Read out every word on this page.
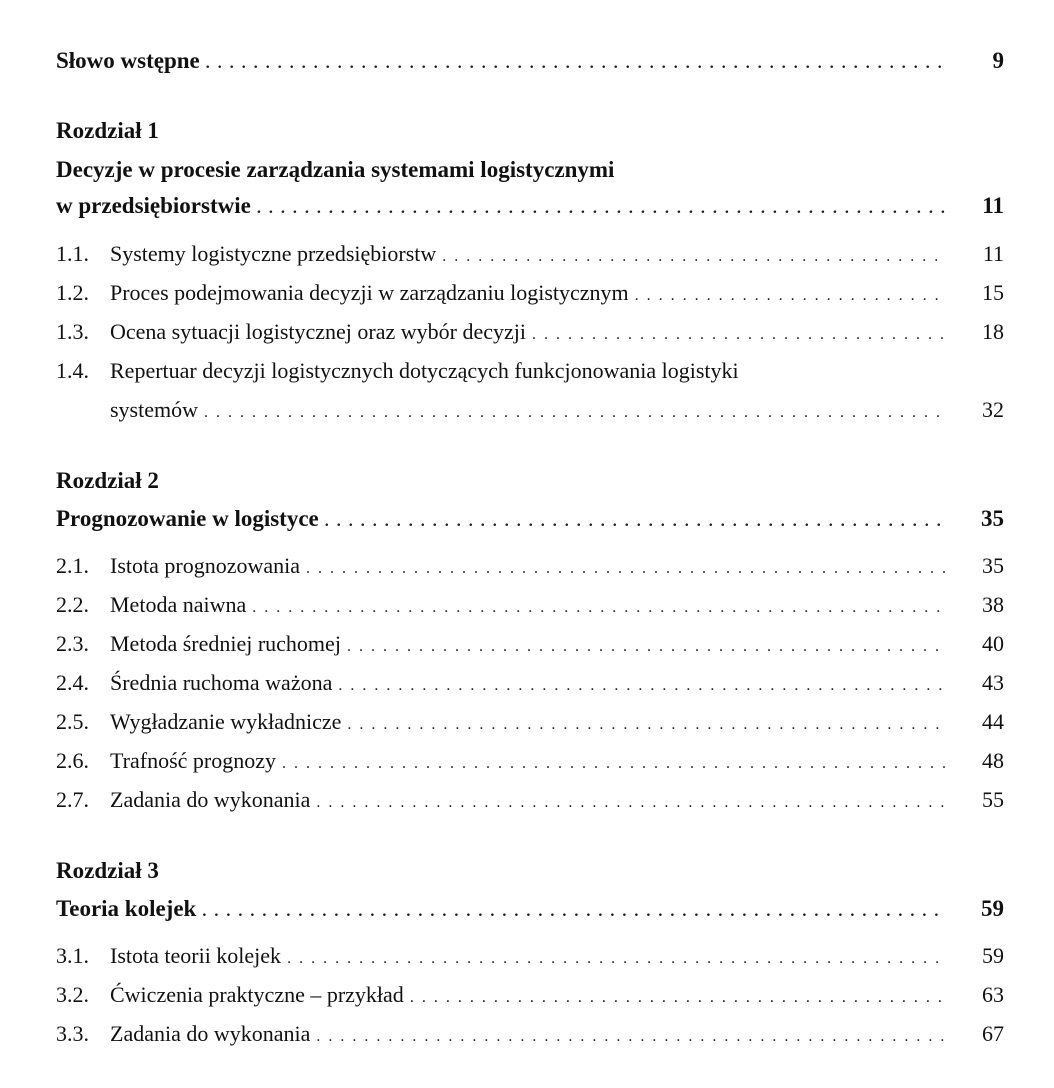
Słowo wstępne . . .	9
Rozdział 1
Decyzje w procesie zarządzania systemami logistycznymi
w przedsiębiorstwie . . .	11
1.1. Systemy logistyczne przedsiębiorstw . . .	11
1.2. Proces podejmowania decyzji w zarządzaniu logistycznym . . .	15
1.3. Ocena sytuacji logistycznej oraz wybór decyzji . . .	18
1.4. Repertuar decyzji logistycznych dotyczących funkcjonowania logistyki
systemów . . .	32
Rozdział 2
Prognozowanie w logistyce . . .	35
2.1. Istota prognozowania . . .	35
2.2. Metoda naiwna . . .	38
2.3. Metoda średniej ruchomej . . .	40
2.4. Średnia ruchoma ważona . . .	43
2.5. Wygładzanie wykładnicze . . .	44
2.6. Trafność prognozy . . .	48
2.7. Zadania do wykonania . . .	55
Rozdział 3
Teoria kolejek . . .	59
3.1. Istota teorii kolejek . . .	59
3.2. Ćwiczenia praktyczne – przykład . . .	63
3.3. Zadania do wykonania . . .	67
